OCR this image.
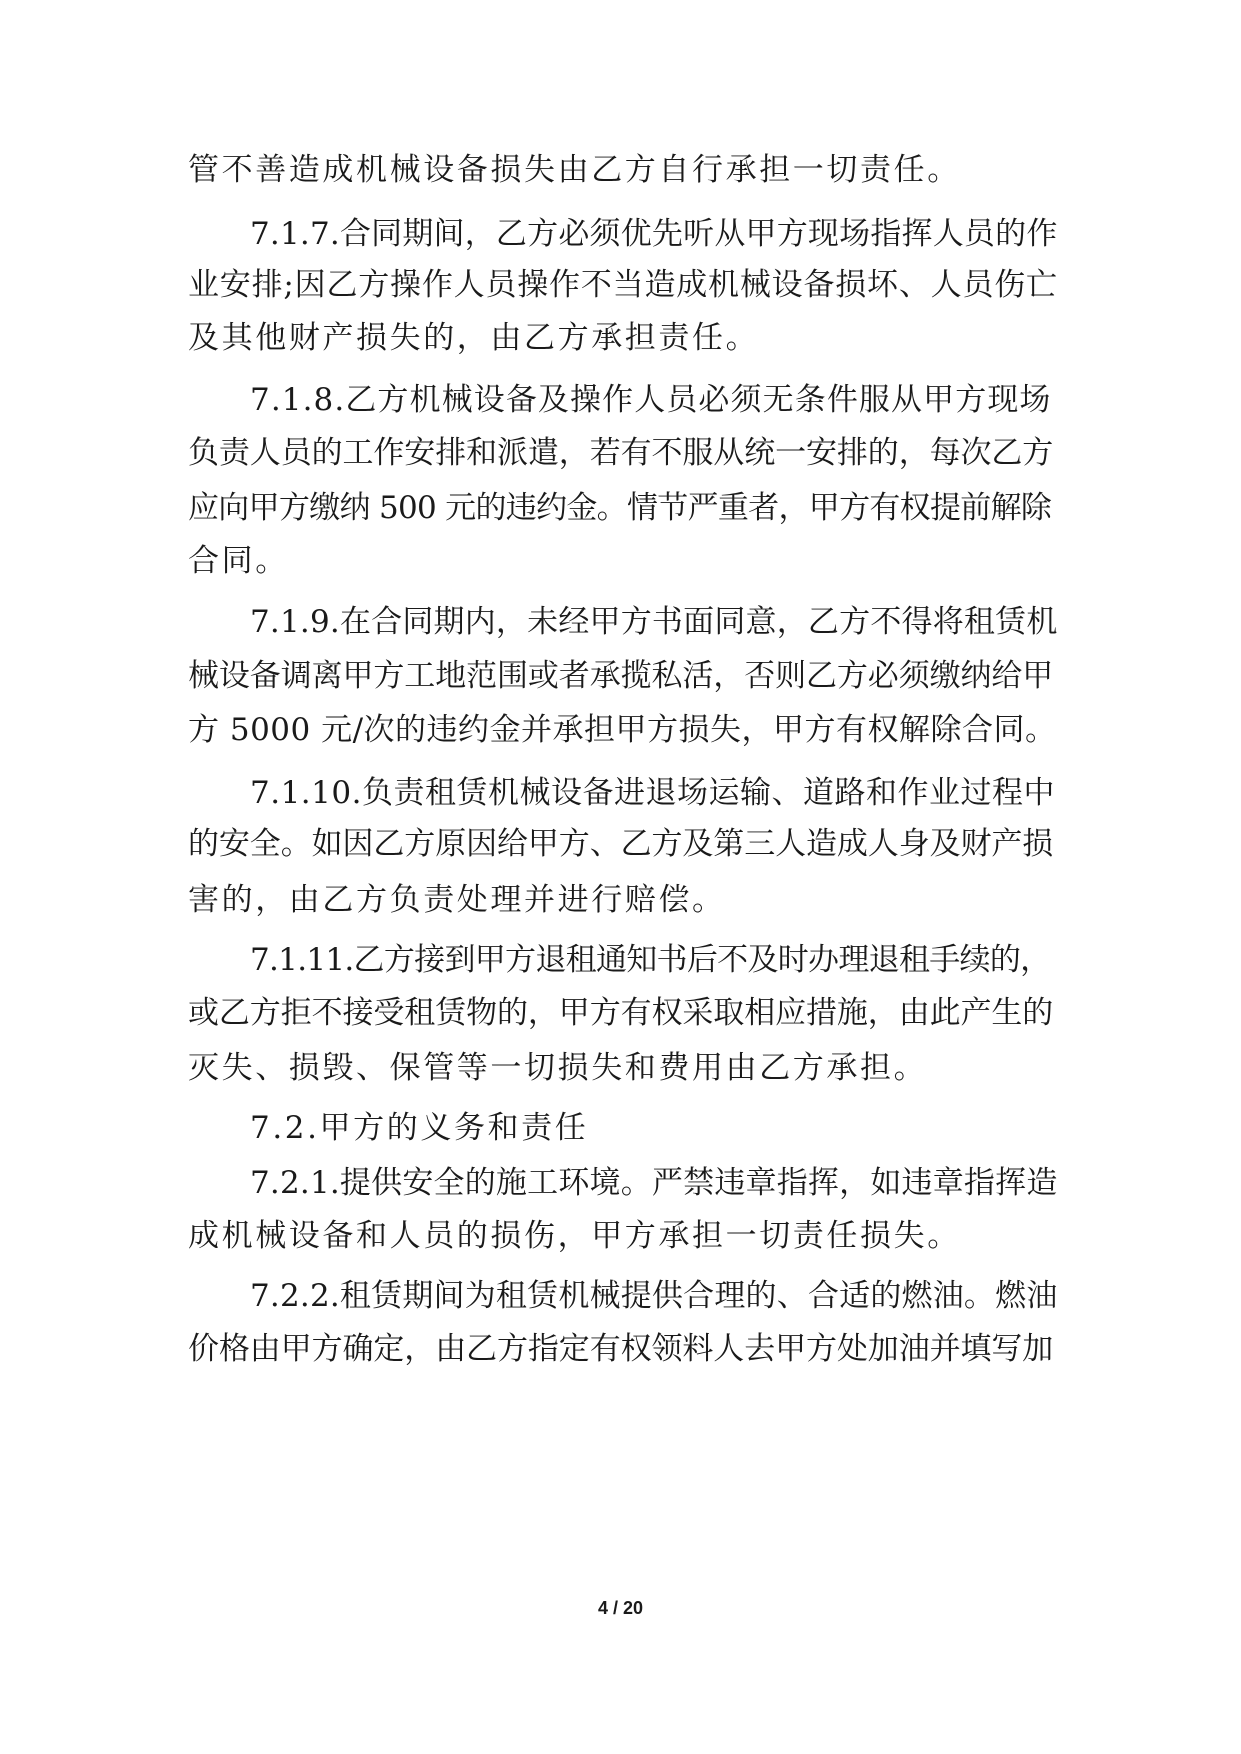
管不善造成机械设备损失由乙方自行承担一切责任。
7.1.7.合同期间，乙方必须优先听从甲方现场指挥人员的作
业安排;因乙方操作人员操作不当造成机械设备损坏、人员伤亡
及其他财产损失的，由乙方承担责任。
7.1.8.乙方机械设备及操作人员必须无条件服从甲方现场
负责人员的工作安排和派遣，若有不服从统一安排的，每次乙方
应向甲方缴纳 500 元的违约金。情节严重者，甲方有权提前解除
合同。
7.1.9.在合同期内，未经甲方书面同意，乙方不得将租赁机
械设备调离甲方工地范围或者承揽私活，否则乙方必须缴纳给甲
方 5000 元/次的违约金并承担甲方损失，甲方有权解除合同。
7.1.10.负责租赁机械设备进退场运输、道路和作业过程中
的安全。如因乙方原因给甲方、乙方及第三人造成人身及财产损
害的，由乙方负责处理并进行赔偿。
7.1.11.乙方接到甲方退租通知书后不及时办理退租手续的，
或乙方拒不接受租赁物的，甲方有权采取相应措施，由此产生的
灭失、损毁、保管等一切损失和费用由乙方承担。
7.2.甲方的义务和责任
7.2.1.提供安全的施工环境。严禁违章指挥，如违章指挥造
成机械设备和人员的损伤，甲方承担一切责任损失。
7.2.2.租赁期间为租赁机械提供合理的、合适的燃油。燃油
价格由甲方确定，由乙方指定有权领料人去甲方处加油并填写加
4 / 20
